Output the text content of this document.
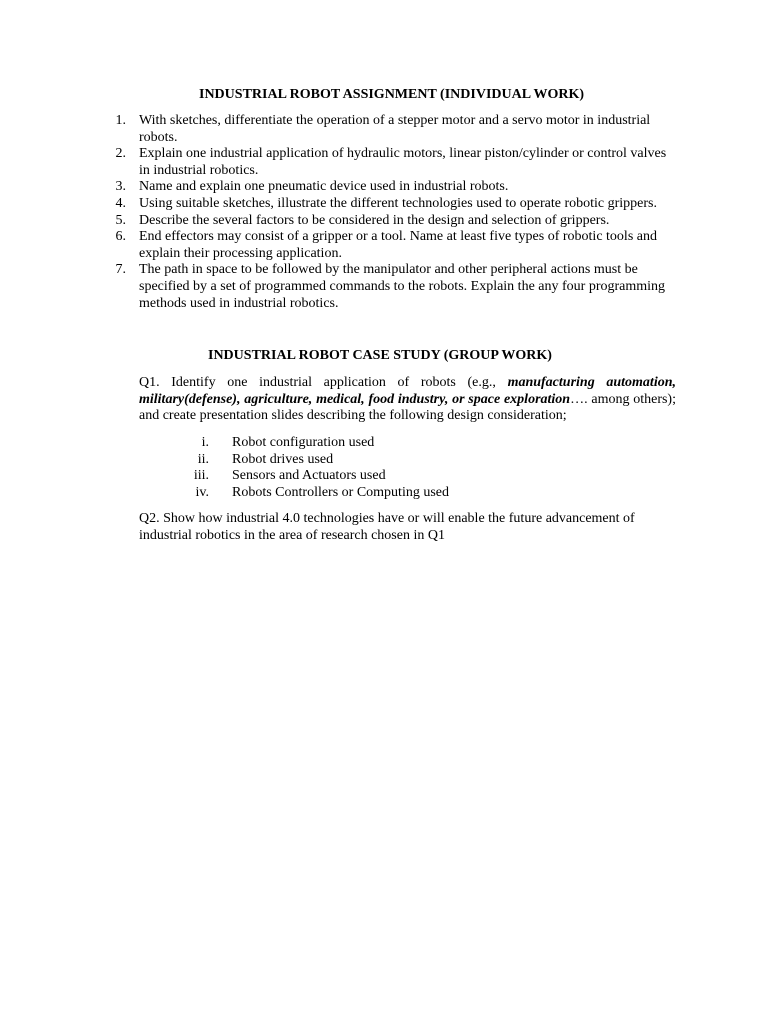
INDUSTRIAL ROBOT ASSIGNMENT (INDIVIDUAL WORK)
1. With sketches, differentiate the operation of a stepper motor and a servo motor in industrial robots.
2. Explain one industrial application of hydraulic motors, linear piston/cylinder or control valves in industrial robotics.
3. Name and explain one pneumatic device used in industrial robots.
4. Using suitable sketches, illustrate the different technologies used to operate robotic grippers.
5. Describe the several factors to be considered in the design and selection of grippers.
6. End effectors may consist of a gripper or a tool. Name at least five types of robotic tools and explain their processing application.
7. The path in space to be followed by the manipulator and other peripheral actions must be specified by a set of programmed commands to the robots. Explain the any four programming methods used in industrial robotics.
INDUSTRIAL ROBOT CASE STUDY (GROUP WORK)

Q1. Identify one industrial application of robots (e.g., manufacturing automation, military(defense), agriculture, medical, food industry, or space exploration…. among others); and create presentation slides describing the following design consideration;

i. Robot configuration used
ii. Robot drives used
iii. Sensors and Actuators used
iv. Robots Controllers or Computing used

Q2. Show how industrial 4.0 technologies have or will enable the future advancement of industrial robotics in the area of research chosen in Q1
